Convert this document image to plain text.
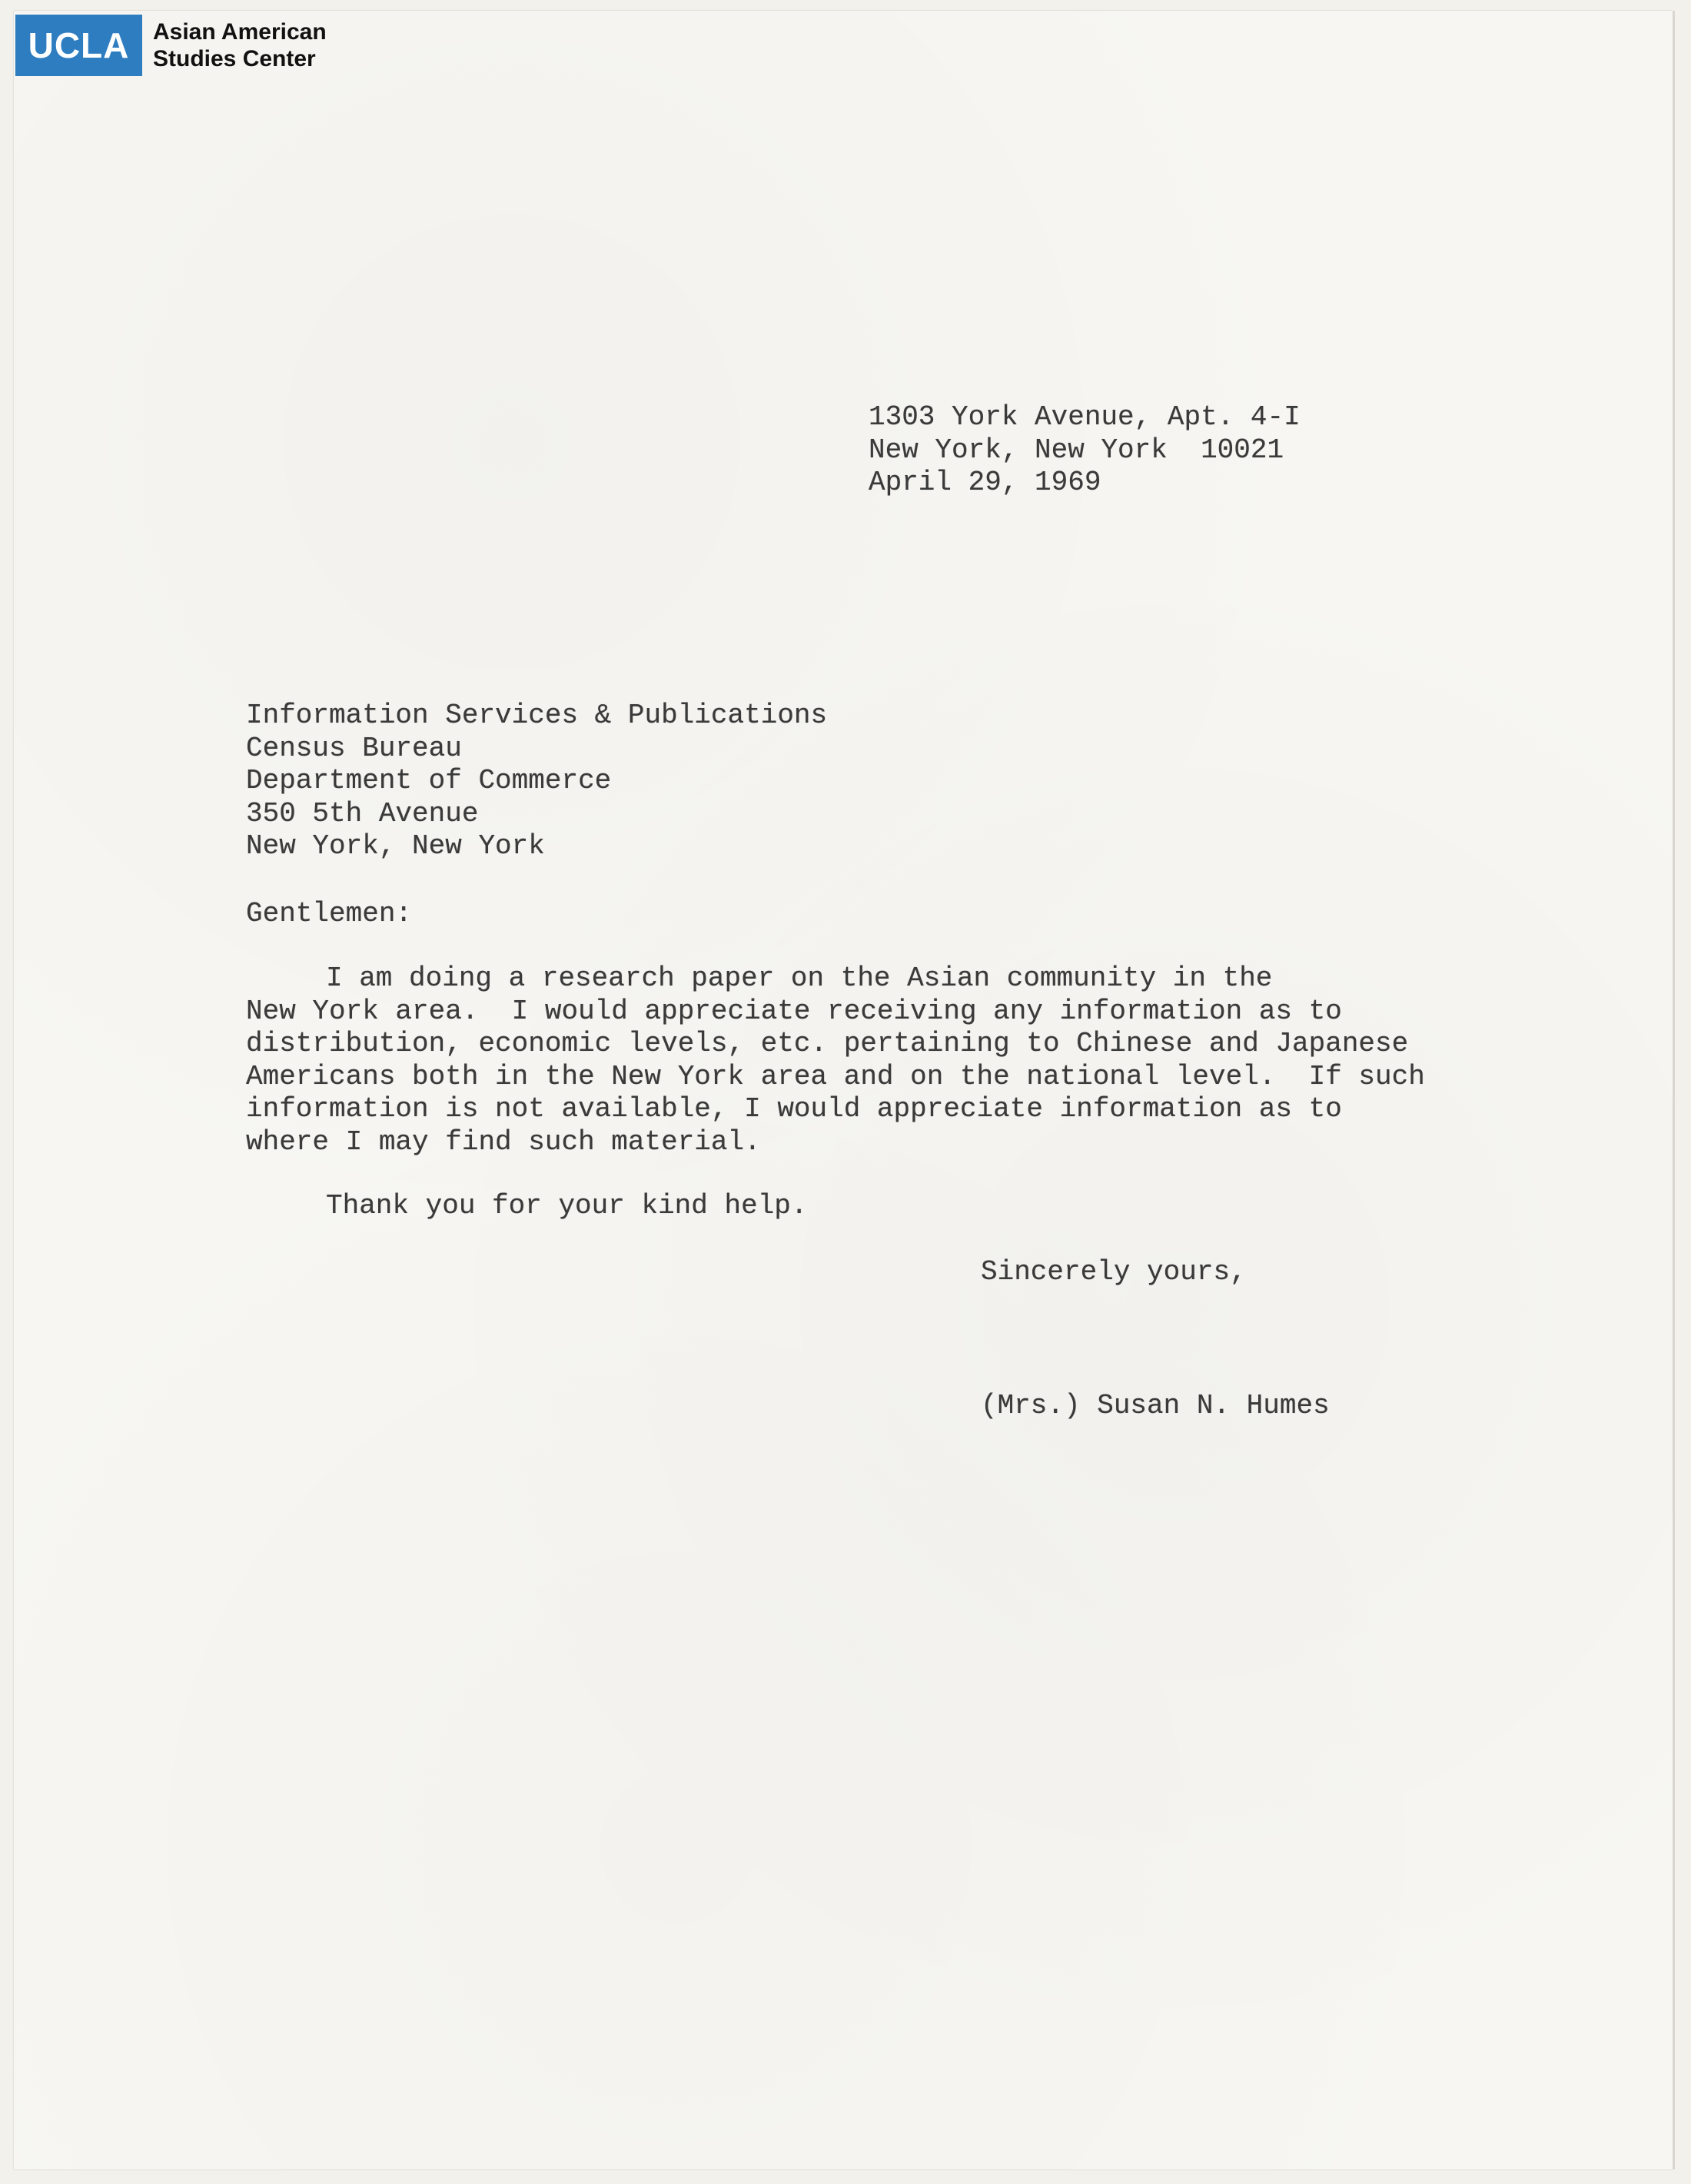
UCLA	Asian American
Studies Center
1303 York Avenue, Apt. 4-I
New York, New York  10021
April 29, 1969
Information Services & Publications
Census Bureau
Department of Commerce
350 5th Avenue
New York, New York
Gentlemen:
I am doing a research paper on the Asian community in the
New York area.  I would appreciate receiving any information as to
distribution, economic levels, etc. pertaining to Chinese and Japanese
Americans both in the New York area and on the national level.  If such
information is not available, I would appreciate information as to
where I may find such material.
Thank you for your kind help.
Sincerely yours,
(Mrs.) Susan N. Humes
